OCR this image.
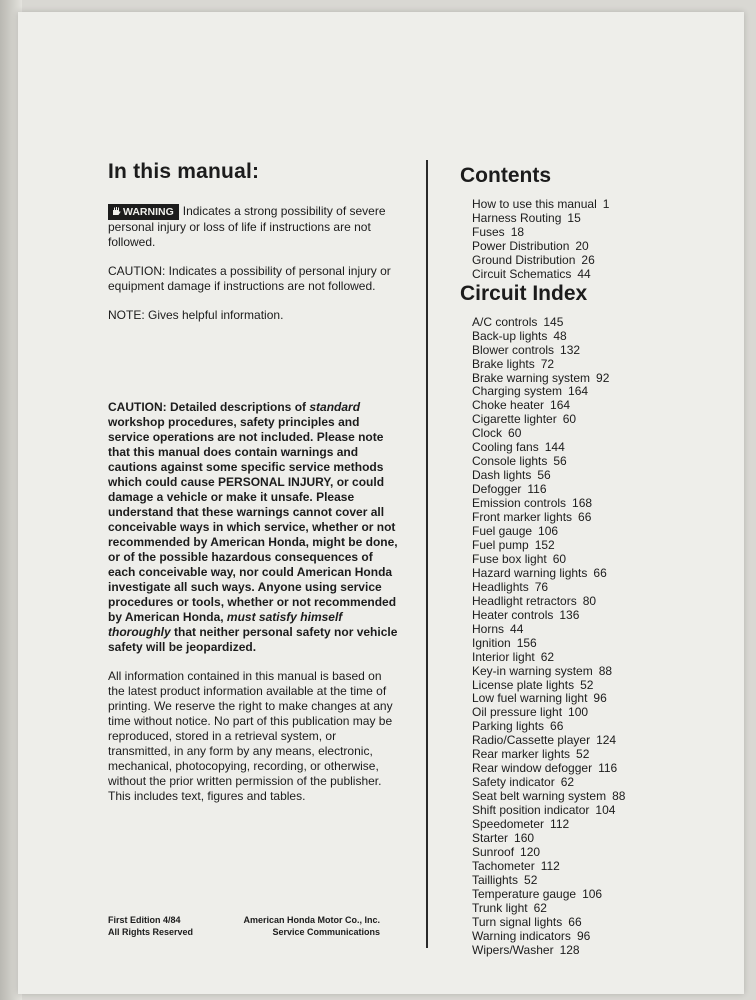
In this manual:

WARNING Indicates a strong possibility of severe personal injury or loss of life if instructions are not followed.

CAUTION: Indicates a possibility of personal injury or equipment damage if instructions are not followed.

NOTE: Gives helpful information.

CAUTION: Detailed descriptions of standard workshop procedures, safety principles and service operations are not included. Please note that this manual does contain warnings and cautions against some specific service methods which could cause PERSONAL INJURY, or could damage a vehicle or make it unsafe. Please understand that these warnings cannot cover all conceivable ways in which service, whether or not recommended by American Honda, might be done, or of the possible hazardous consequences of each conceivable way, nor could American Honda investigate all such ways. Anyone using service procedures or tools, whether or not recommended by American Honda, must satisfy himself thoroughly that neither personal safety nor vehicle safety will be jeopardized.

All information contained in this manual is based on the latest product information available at the time of printing. We reserve the right to make changes at any time without notice. No part of this publication may be reproduced, stored in a retrieval system, or transmitted, in any form by any means, electronic, mechanical, photocopying, recording, or otherwise, without the prior written permission of the publisher. This includes text, figures and tables.

First Edition 4/84
All Rights Reserved
American Honda Motor Co., Inc.
Service Communications
Contents
How to use this manual 1
Harness Routing 15
Fuses 18
Power Distribution 20
Ground Distribution 26
Circuit Schematics 44
Circuit Index
A/C controls 145
Back-up lights 48
Blower controls 132
Brake lights 72
Brake warning system 92
Charging system 164
Choke heater 164
Cigarette lighter 60
Clock 60
Cooling fans 144
Console lights 56
Dash lights 56
Defogger 116
Emission controls 168
Front marker lights 66
Fuel gauge 106
Fuel pump 152
Fuse box light 60
Hazard warning lights 66
Headlights 76
Headlight retractors 80
Heater controls 136
Horns 44
Ignition 156
Interior light 62
Key-in warning system 88
License plate lights 52
Low fuel warning light 96
Oil pressure light 100
Parking lights 66
Radio/Cassette player 124
Rear marker lights 52
Rear window defogger 116
Safety indicator 62
Seat belt warning system 88
Shift position indicator 104
Speedometer 112
Starter 160
Sunroof 120
Tachometer 112
Taillights 52
Temperature gauge 106
Trunk light 62
Turn signal lights 66
Warning indicators 96
Wipers/Washer 128
